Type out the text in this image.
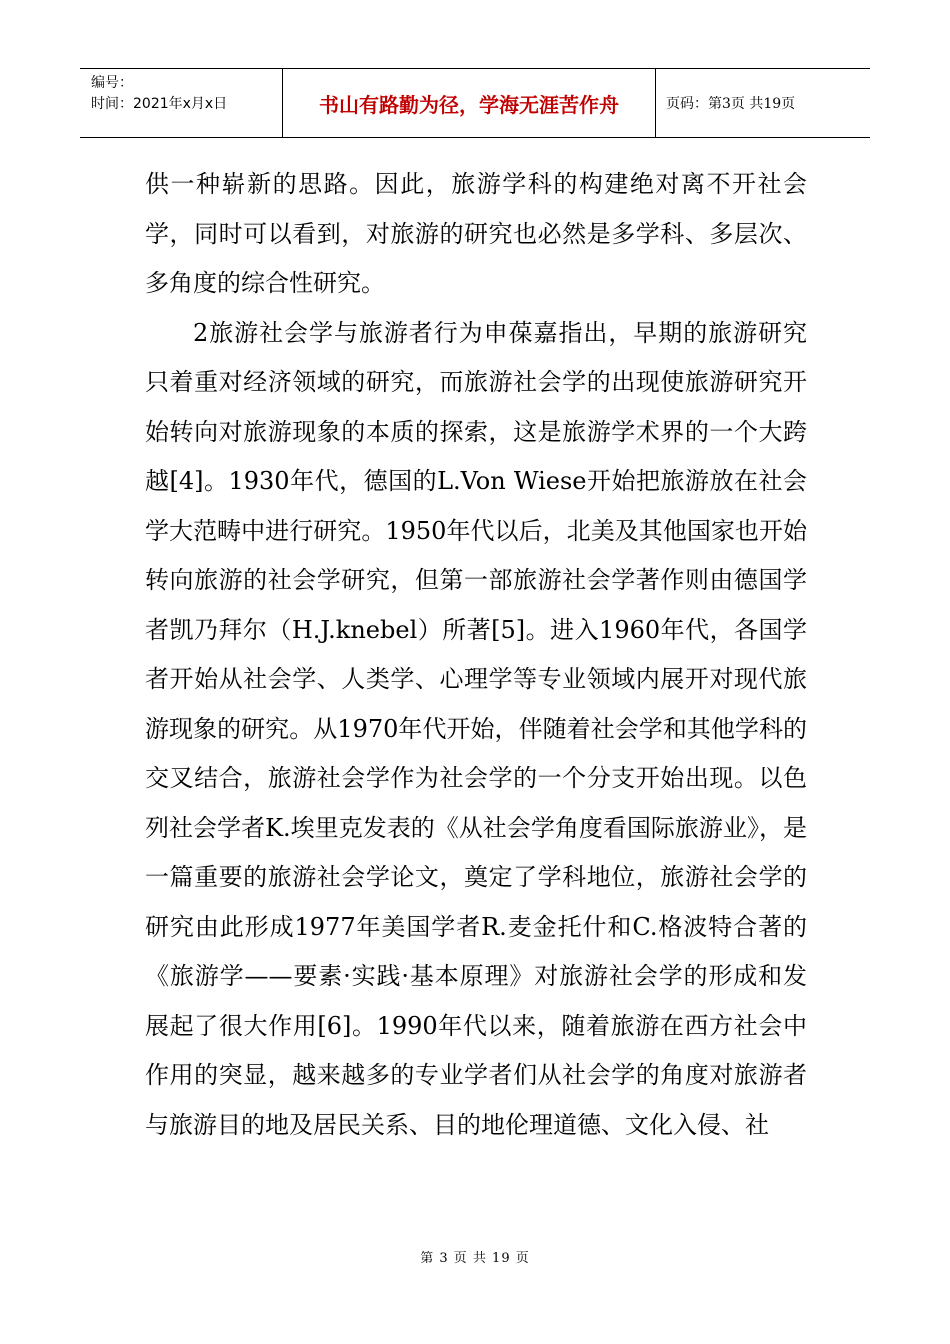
编号：
时间：2021年x月x日	书山有路勤为径，学海无涯苦作舟	页码：第3页 共19页

供一种崭新的思路。因此，旅游学科的构建绝对离不开社会学，同时可以看到，对旅游的研究也必然是多学科、多层次、多角度的综合性研究。

2旅游社会学与旅游者行为申葆嘉指出，早期的旅游研究只着重对经济领域的研究，而旅游社会学的出现使旅游研究开始转向对旅游现象的本质的探索，这是旅游学术界的一个大跨越[4]。1930年代，德国的L.Von Wiese开始把旅游放在社会学大范畴中进行研究。1950年代以后，北美及其他国家也开始转向旅游的社会学研究，但第一部旅游社会学著作则由德国学者凯乃拜尔（H.J.knebel）所著[5]。进入1960年代，各国学者开始从社会学、人类学、心理学等专业领域内展开对现代旅游现象的研究。从1970年代开始，伴随着社会学和其他学科的交叉结合，旅游社会学作为社会学的一个分支开始出现。以色列社会学者K.埃里克发表的《从社会学角度看国际旅游业》，是一篇重要的旅游社会学论文，奠定了学科地位，旅游社会学的研究由此形成1977年美国学者R.麦金托什和C.格波特合著的《旅游学——要素·实践·基本原理》对旅游社会学的形成和发展起了很大作用[6]。1990年代以来，随着旅游在西方社会中作用的突显，越来越多的专业学者们从社会学的角度对旅游者与旅游目的地及居民关系、目的地伦理道德、文化入侵、社

第 3 页 共 19 页
